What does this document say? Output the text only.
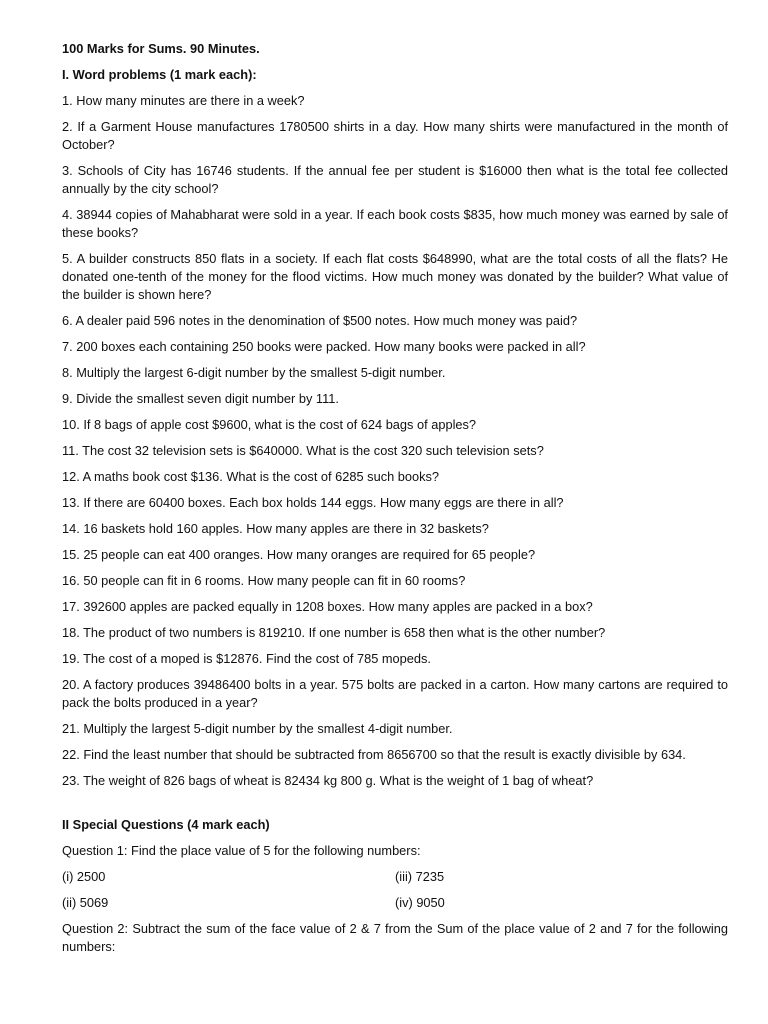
100 Marks for Sums. 90 Minutes.

I. Word problems (1 mark each):

1. How many minutes are there in a week?

2. If a Garment House manufactures 1780500 shirts in a day. How many shirts were manufactured in the month of October?

3. Schools of City has 16746 students. If the annual fee per student is $16000 then what is the total fee collected annually by the city school?

4. 38944 copies of Mahabharat were sold in a year. If each book costs $835, how much money was earned by sale of these books?

5. A builder constructs 850 flats in a society. If each flat costs $648990, what are the total costs of all the flats? He donated one-tenth of the money for the flood victims. How much money was donated by the builder? What value of the builder is shown here?

6. A dealer paid 596 notes in the denomination of $500 notes. How much money was paid?

7. 200 boxes each containing 250 books were packed. How many books were packed in all?

8. Multiply the largest 6-digit number by the smallest 5-digit number.

9. Divide the smallest seven digit number by 111.

10. If 8 bags of apple cost $9600, what is the cost of 624 bags of apples?

11. The cost 32 television sets is $640000. What is the cost 320 such television sets?

12. A maths book cost $136. What is the cost of 6285 such books?

13. If there are 60400 boxes. Each box holds 144 eggs. How many eggs are there in all?

14. 16 baskets hold 160 apples. How many apples are there in 32 baskets?

15. 25 people can eat 400 oranges. How many oranges are required for 65 people?

16. 50 people can fit in 6 rooms. How many people can fit in 60 rooms?

17. 392600 apples are packed equally in 1208 boxes. How many apples are packed in a box?

18. The product of two numbers is 819210. If one number is 658 then what is the other number?

19. The cost of a moped is $12876. Find the cost of 785 mopeds.

20. A factory produces 39486400 bolts in a year. 575 bolts are packed in a carton. How many cartons are required to pack the bolts produced in a year?

21. Multiply the largest 5-digit number by the smallest 4-digit number.

22. Find the least number that should be subtracted from 8656700 so that the result is exactly divisible by 634.

23. The weight of 826 bags of wheat is 82434 kg 800 g. What is the weight of 1 bag of wheat?

II Special Questions (4 mark each)

Question 1: Find the place value of 5 for the following numbers:

(i) 2500	(iii) 7235
(ii) 5069	(iv) 9050

Question 2: Subtract the sum of the face value of 2 & 7 from the Sum of the place value of 2 and 7 for the following numbers:
